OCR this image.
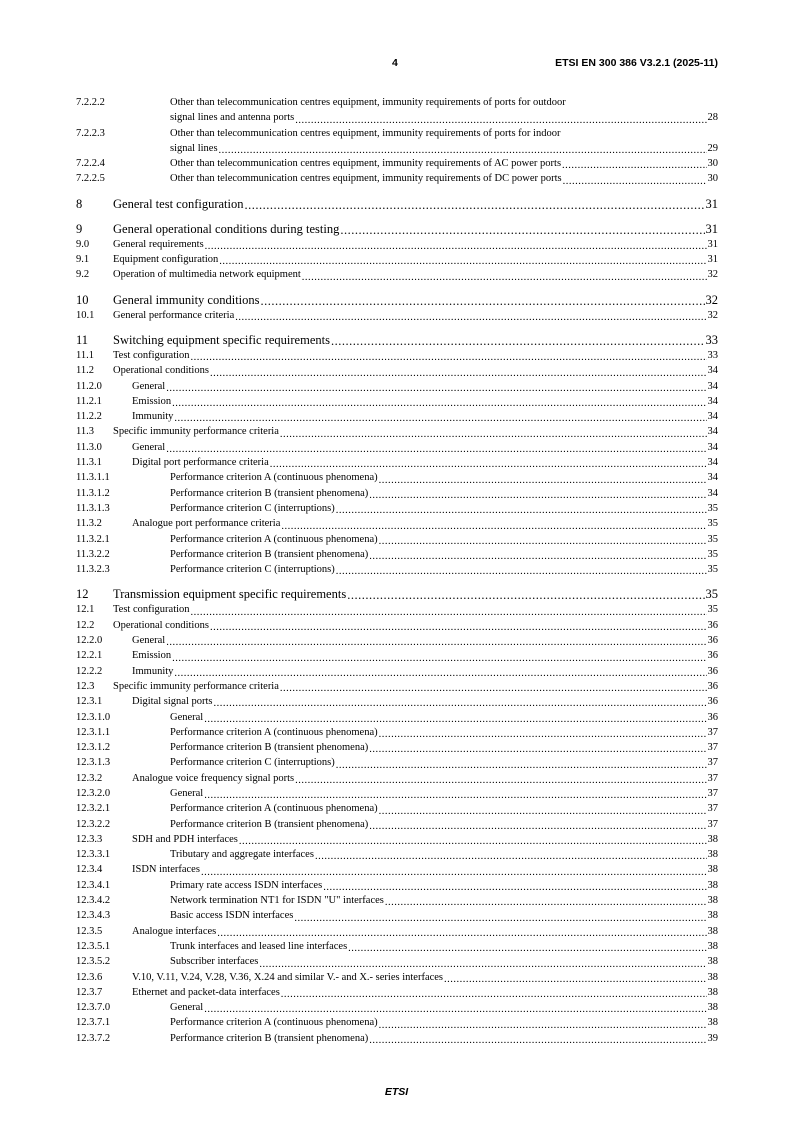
4	ETSI EN 300 386 V3.2.1 (2025-11)
7.2.2.2	Other than telecommunication centres equipment, immunity requirements of ports for outdoor
signal lines and antenna ports .....	28
7.2.2.3	Other than telecommunication centres equipment, immunity requirements of ports for indoor
signal lines .....	29
7.2.2.4	Other than telecommunication centres equipment, immunity requirements of AC power ports .....	30
7.2.2.5	Other than telecommunication centres equipment, immunity requirements of DC power ports .....	30
8 General test configuration .....	31
9 General operational conditions during testing .....	31
9.0 General requirements .....	31
9.1 Equipment configuration .....	31
9.2 Operation of multimedia network equipment .....	32
10 General immunity conditions .....	32
10.1 General performance criteria .....	32
11 Switching equipment specific requirements .....	33
11.1 Test configuration .....	33
11.2 Operational conditions .....	34
11.2.0	General .....	34
11.2.1	Emission .....	34
11.2.2	Immunity .....	34
11.3 Specific immunity performance criteria .....	34
11.3.0	General .....	34
11.3.1	Digital port performance criteria .....	34
11.3.1.1	Performance criterion A (continuous phenomena) .....	34
11.3.1.2	Performance criterion B (transient phenomena) .....	34
11.3.1.3	Performance criterion C (interruptions) .....	35
11.3.2	Analogue port performance criteria .....	35
11.3.2.1	Performance criterion A (continuous phenomena) .....	35
11.3.2.2	Performance criterion B (transient phenomena) .....	35
11.3.2.3	Performance criterion C (interruptions) .....	35
12 Transmission equipment specific requirements .....	35
12.1 Test configuration .....	35
12.2 Operational conditions .....	36
12.2.0	General .....	36
12.2.1	Emission .....	36
12.2.2	Immunity .....	36
12.3 Specific immunity performance criteria .....	36
12.3.1	Digital signal ports .....	36
12.3.1.0	General .....	36
12.3.1.1	Performance criterion A (continuous phenomena) .....	37
12.3.1.2	Performance criterion B (transient phenomena) .....	37
12.3.1.3	Performance criterion C (interruptions) .....	37
12.3.2	Analogue voice frequency signal ports .....	37
12.3.2.0	General .....	37
12.3.2.1	Performance criterion A (continuous phenomena) .....	37
12.3.2.2	Performance criterion B (transient phenomena) .....	37
12.3.3	SDH and PDH interfaces .....	38
12.3.3.1	Tributary and aggregate interfaces .....	38
12.3.4	ISDN interfaces .....	38
12.3.4.1	Primary rate access ISDN interfaces .....	38
12.3.4.2	Network termination NT1 for ISDN "U" interfaces .....	38
12.3.4.3	Basic access ISDN interfaces .....	38
12.3.5	Analogue interfaces .....	38
12.3.5.1	Trunk interfaces and leased line interfaces .....	38
12.3.5.2	Subscriber interfaces .....	38
12.3.6	V.10, V.11, V.24, V.28, V.36, X.24 and similar V.- and X.- series interfaces .....	38
12.3.7	Ethernet and packet-data interfaces .....	38
12.3.7.0	General .....	38
12.3.7.1	Performance criterion A (continuous phenomena) .....	38
12.3.7.2	Performance criterion B (transient phenomena) .....	39
ETSI
